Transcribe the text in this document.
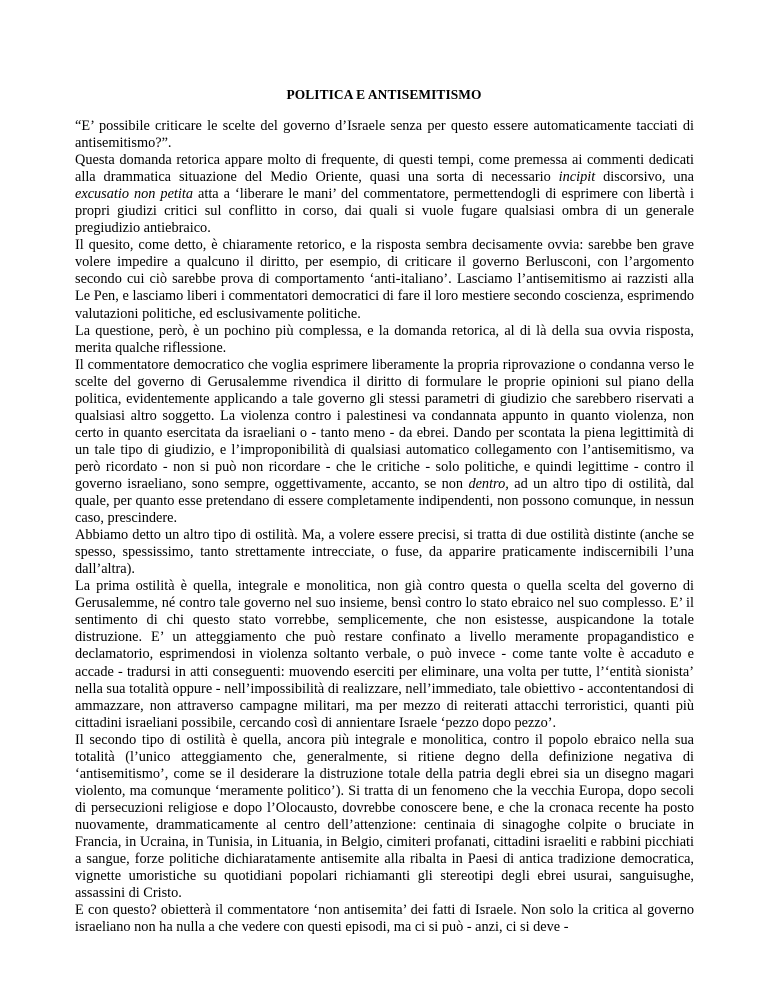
POLITICA E ANTISEMITISMO

“E’ possibile criticare le scelte del governo d’Israele senza per questo essere automaticamente tacciati di antisemitismo?”.

Questa domanda retorica appare molto di frequente, di questi tempi, come premessa ai commenti dedicati alla drammatica situazione del Medio Oriente, quasi una sorta di necessario incipit discorsivo, una excusatio non petita atta a ‘liberare le mani’ del commentatore, permettendogli di esprimere con libertà i propri giudizi critici sul conflitto in corso, dai quali si vuole fugare qualsiasi ombra di un generale pregiudizio antiebraico.

Il quesito, come detto, è chiaramente retorico, e la risposta sembra decisamente ovvia: sarebbe ben grave volere impedire a qualcuno il diritto, per esempio, di criticare il governo Berlusconi, con l’argomento secondo cui ciò sarebbe prova di comportamento ‘anti-italiano’. Lasciamo l’antisemitismo ai razzisti alla Le Pen, e lasciamo liberi i commentatori democratici di fare il loro mestiere secondo coscienza, esprimendo valutazioni politiche, ed esclusivamente politiche.

La questione, però, è un pochino più complessa, e la domanda retorica, al di là della sua ovvia risposta, merita qualche riflessione.

Il commentatore democratico che voglia esprimere liberamente la propria riprovazione o condanna verso le scelte del governo di Gerusalemme rivendica il diritto di formulare le proprie opinioni sul piano della politica, evidentemente applicando a tale governo gli stessi parametri di giudizio che sarebbero riservati a qualsiasi altro soggetto. La violenza contro i palestinesi va condannata appunto in quanto violenza, non certo in quanto esercitata da israeliani o - tanto meno - da ebrei. Dando per scontata la piena legittimità di un tale tipo di giudizio, e l’improponibilità di qualsiasi automatico collegamento con l’antisemitismo, va però ricordato - non si può non ricordare - che le critiche - solo politiche, e quindi legittime - contro il governo israeliano, sono sempre, oggettivamente, accanto, se non dentro, ad un altro tipo di ostilità, dal quale, per quanto esse pretendano di essere completamente indipendenti, non possono comunque, in nessun caso, prescindere.

Abbiamo detto un altro tipo di ostilità. Ma, a volere essere precisi, si tratta di due ostilità distinte (anche se spesso, spessissimo, tanto strettamente intrecciate, o fuse, da apparire praticamente indiscernibili l’una dall’altra).

La prima ostilità è quella, integrale e monolitica, non già contro questa o quella scelta del governo di Gerusalemme, né contro tale governo nel suo insieme, bensì contro lo stato ebraico nel suo complesso. E’ il sentimento di chi questo stato vorrebbe, semplicemente, che non esistesse, auspicandone la totale distruzione. E’ un atteggiamento che può restare confinato a livello meramente propagandistico e declamatorio, esprimendosi in violenza soltanto verbale, o può invece - come tante volte è accaduto e accade - tradursi in atti conseguenti: muovendo eserciti per eliminare, una volta per tutte, l’‘entità sionista’ nella sua totalità oppure - nell’impossibilità di realizzare, nell’immediato, tale obiettivo - accontentandosi di ammazzare, non attraverso campagne militari, ma per mezzo di reiterati attacchi terroristici, quanti più cittadini israeliani possibile, cercando così di annientare Israele ‘pezzo dopo pezzo’.

Il secondo tipo di ostilità è quella, ancora più integrale e monolitica, contro il popolo ebraico nella sua totalità (l’unico atteggiamento che, generalmente, si ritiene degno della definizione negativa di ‘antisemitismo’, come se il desiderare la distruzione totale della patria degli ebrei sia un disegno magari violento, ma comunque ‘meramente politico’). Si tratta di un fenomeno che la vecchia Europa, dopo secoli di persecuzioni religiose e dopo l’Olocausto, dovrebbe conoscere bene, e che la cronaca recente ha posto nuovamente, drammaticamente al centro dell’attenzione: centinaia di sinagoghe colpite o bruciate in Francia, in Ucraina, in Tunisia, in Lituania, in Belgio, cimiteri profanati, cittadini israeliti e rabbini picchiati a sangue, forze politiche dichiaratamente antisemite alla ribalta in Paesi di antica tradizione democratica, vignette umoristiche su quotidiani popolari richiamanti gli stereotipi degli ebrei usurai, sanguisughe, assassini di Cristo.

E con questo? obietterà il commentatore ‘non antisemita’ dei fatti di Israele. Non solo la critica al governo israeliano non ha nulla a che vedere con questi episodi, ma ci si può - anzi, ci si deve -
